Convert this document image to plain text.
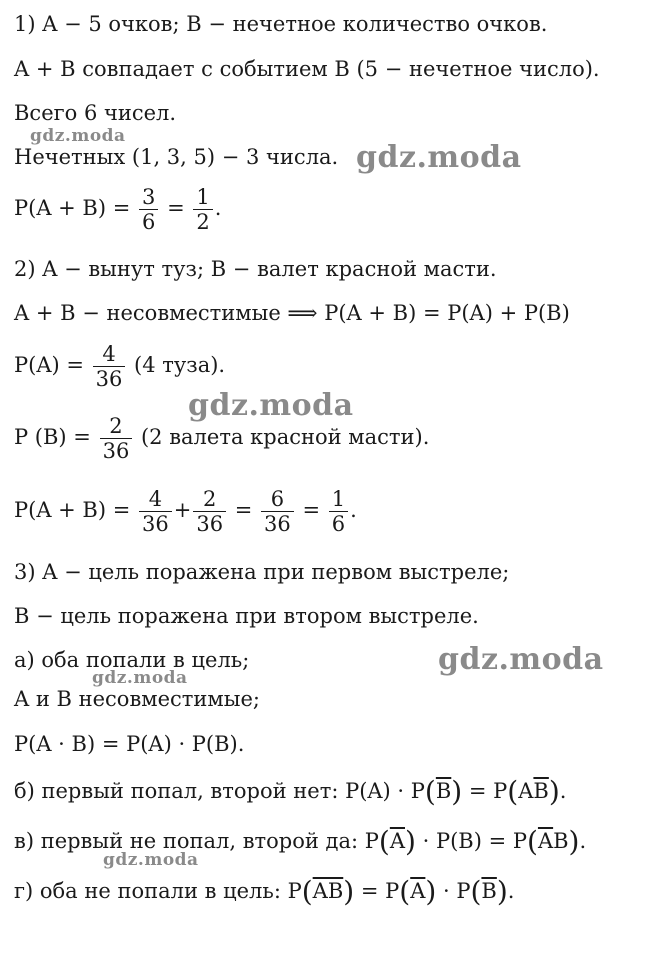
1) A − 5 очков; B − нечетное количество очков.
A + B совпадает с событием B (5 − нечетное число).
Всего 6 чисел.
Нечетных (1, 3, 5) − 3 числа.
$P(A + B) = \frac{3}{6} = \frac{1}{2}$ .
2) A − вынут туз; B − валет красной масти.
A + B − несовместимые ⟹ P(A + B) = P(A) + P(B)
$P(A) = \frac{4}{36} (4$ туза).
P $(B) = \frac{2}{36} (2$ валета красной масти).
$P(A + B) = \frac{4}{36} + \frac{2}{36} = \frac{6}{36} = \frac{1}{6}$ .
3) A − цель поражена при первом выстреле;
B − цель поражена при втором выстреле.
а) оба попали в цель;
A и B несовместимые;
P(A · B) = P(A) · P(B).
б) первый попал, второй нет: $P(A) \cdot P(\overline{B}) = P(A\overline{B})$.
в) первый не попал, второй да: $P(\overline{A}) \cdot P(B) = P(\overline{A}B)$.
г) оба не попали в цель: $P(\overline{AB}) = P(\overline{A}) \cdot P(\overline{B})$.
gdz.moda
gdz.moda
gdz.moda
gdz.moda
gdz.moda
gdz.moda
